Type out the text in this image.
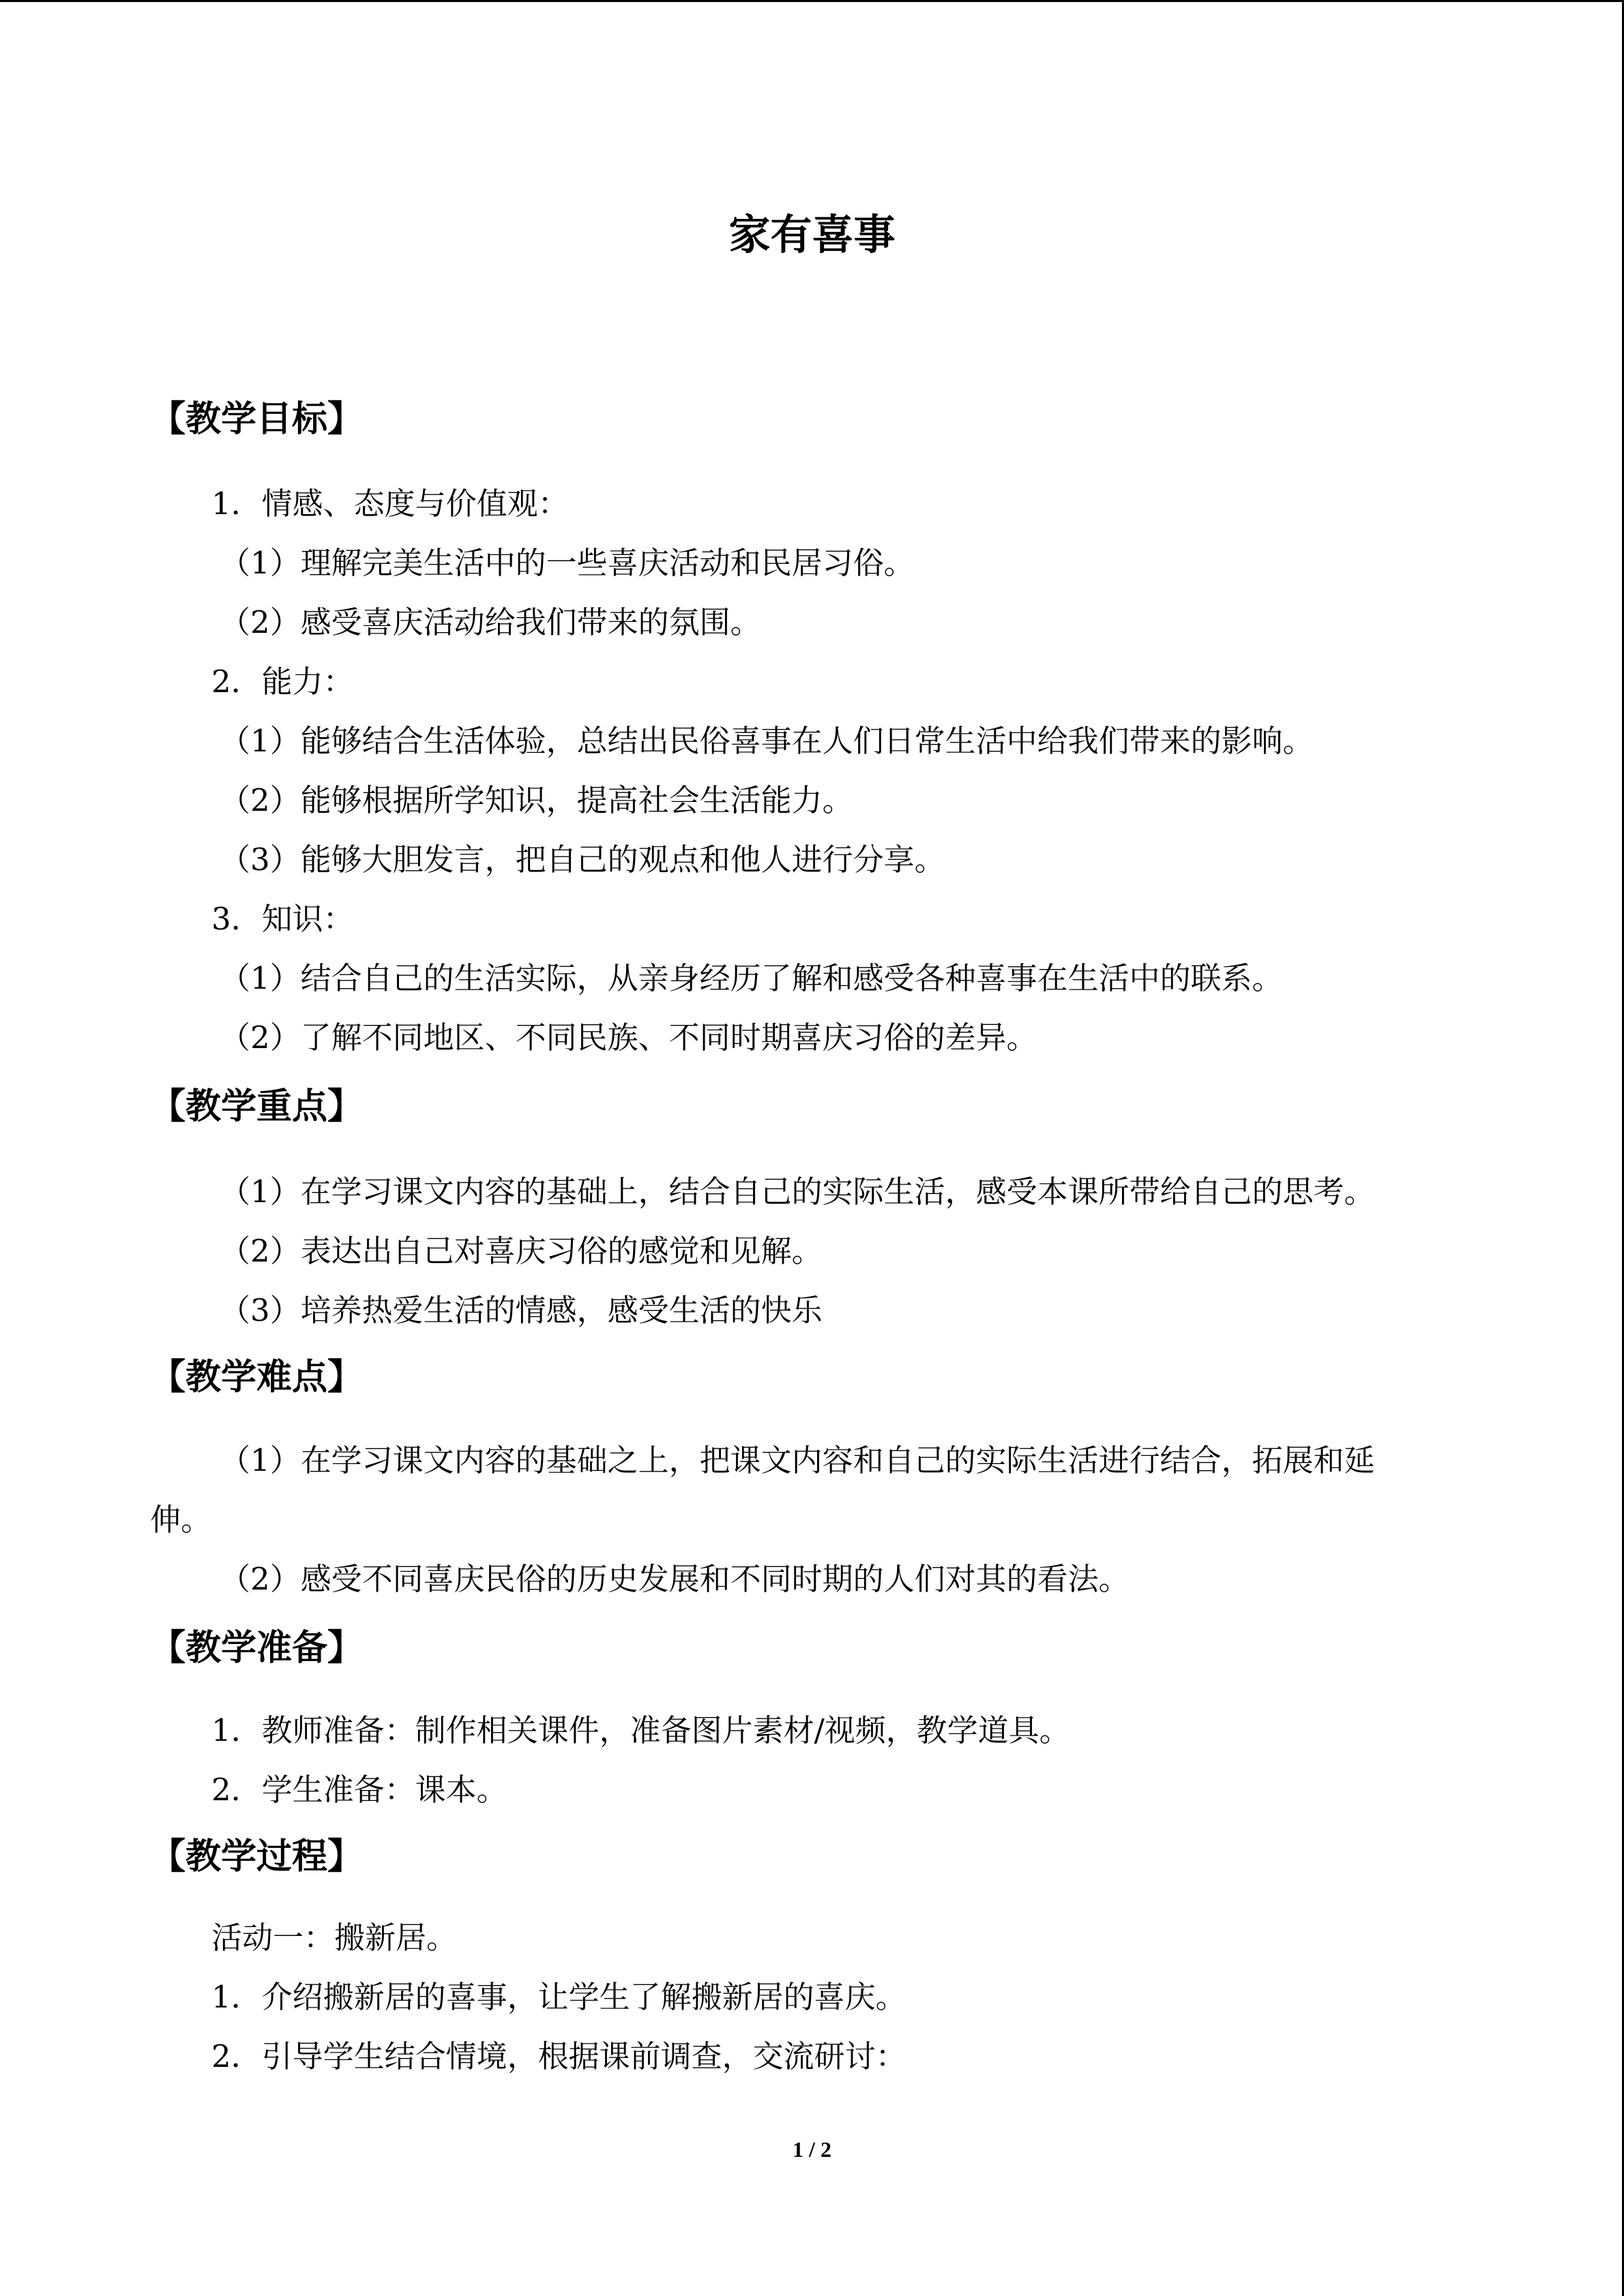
家有喜事
【教学目标】

1．情感、态度与价值观：

（1）理解完美生活中的一些喜庆活动和民居习俗。

（2）感受喜庆活动给我们带来的氛围。

2．能力：

（1）能够结合生活体验，总结出民俗喜事在人们日常生活中给我们带来的影响。

（2）能够根据所学知识，提高社会生活能力。

（3）能够大胆发言，把自己的观点和他人进行分享。

3．知识：

（1）结合自己的生活实际，从亲身经历了解和感受各种喜事在生活中的联系。

（2）了解不同地区、不同民族、不同时期喜庆习俗的差异。

【教学重点】

（1）在学习课文内容的基础上，结合自己的实际生活，感受本课所带给自己的思考。

（2）表达出自己对喜庆习俗的感觉和见解。

（3）培养热爱生活的情感，感受生活的快乐

【教学难点】

（1）在学习课文内容的基础之上，把课文内容和自己的实际生活进行结合，拓展和延

伸。

（2）感受不同喜庆民俗的历史发展和不同时期的人们对其的看法。

【教学准备】

1．教师准备：制作相关课件，准备图片素材/视频，教学道具。

2．学生准备：课本。

【教学过程】

活动一：搬新居。

1．介绍搬新居的喜事，让学生了解搬新居的喜庆。

2．引导学生结合情境，根据课前调查，交流研讨：

1 / 2
